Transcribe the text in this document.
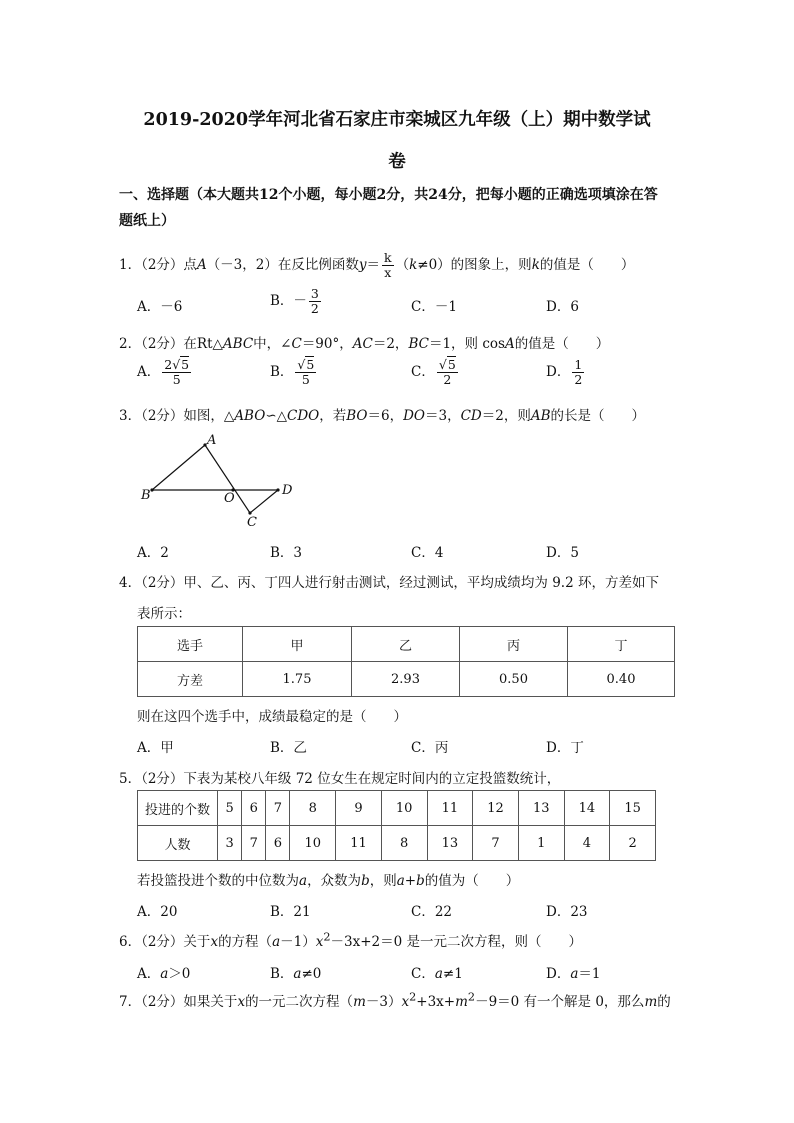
2019-2020学年河北省石家庄市栾城区九年级（上）期中数学试
卷
一、选择题（本大题共12个小题，每小题2分，共24分，把每小题的正确选项填涂在答
题纸上）
1．（2分）点A（－3，2）在反比例函数$y= \frac{k}{x} (k\ne 0)$的图象上，则k的值是（　　）
A．－6	B．－ $\frac{3}{2}$	C．－1	D．6
2．（2分）在Rt△ABC中，∠C＝90°，AC＝2，BC＝1，则 cosA的值是（　　）
A． $\frac{2√5}{5}$	B． $\frac{√5}{5}$	C． $\frac{√5}{2}$	D． $\frac{1}{2}$
3．（2分）如图，△ABO∽△CDO，若BO＝6，DO＝3，CD＝2，则AB的长是（　　）
A
B	O
D
C
A．2	B．3	C．4	D．5
4．（2分）甲、乙、丙、丁四人进行射击测试，经过测试，平均成绩均为 9.2 环，方差如下
表所示：
选手	甲	乙	丙	丁
方差	1.75	2.93	0.50	0.40
则在这四个选手中，成绩最稳定的是（　　）
A．甲	B．乙	C．丙	D．丁
5．（2分）下表为某校八年级 72 位女生在规定时间内的立定投篮数统计，
投进的个数	5	6	7	8	9	10	11	12	13	14	15
人数	3	7	6	10	11	8	13	7	1	4	2
若投篮投进个数的中位数为a，众数为b，则a+b的值为（　　）
A．20	B．21	C．22	D．23
6．（2分）关于x的方程$(a-1)x^2-3x+2=0$ 是一元二次方程，则（　　）
A．a＞0	B．a≠0	C．a≠1	D．a＝1
7．（2分）如果关于x的一元二次方程$(m-3)x^2+3x+m^2-9=0$ 有一个解是 0，那么m的
